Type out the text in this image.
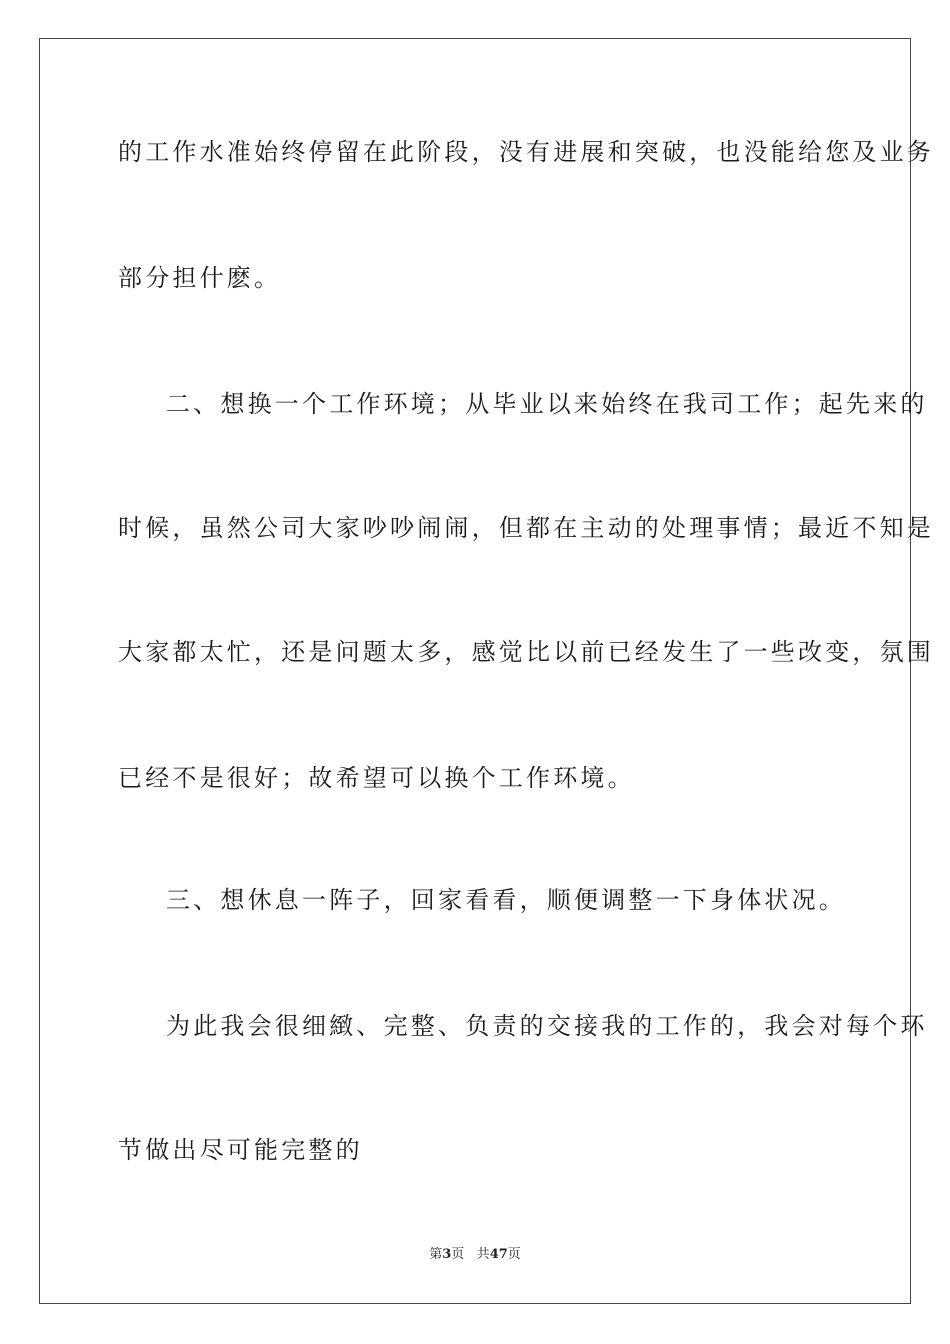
的工作水准始终停留在此阶段，没有进展和突破，也没能给您及业务
部分担什麽。
二、想换一个工作环境；从毕业以来始终在我司工作；起先来的
时候，虽然公司大家吵吵闹闹，但都在主动的处理事情；最近不知是
大家都太忙，还是问题太多，感觉比以前已经发生了一些改变，氛围
已经不是很好；故希望可以换个工作环境。
三、想休息一阵子，回家看看，顺便调整一下身体状况。
为此我会很细緻、完整、负责的交接我的工作的，我会对每个环
节做出尽可能完整的
第3页 共47页
